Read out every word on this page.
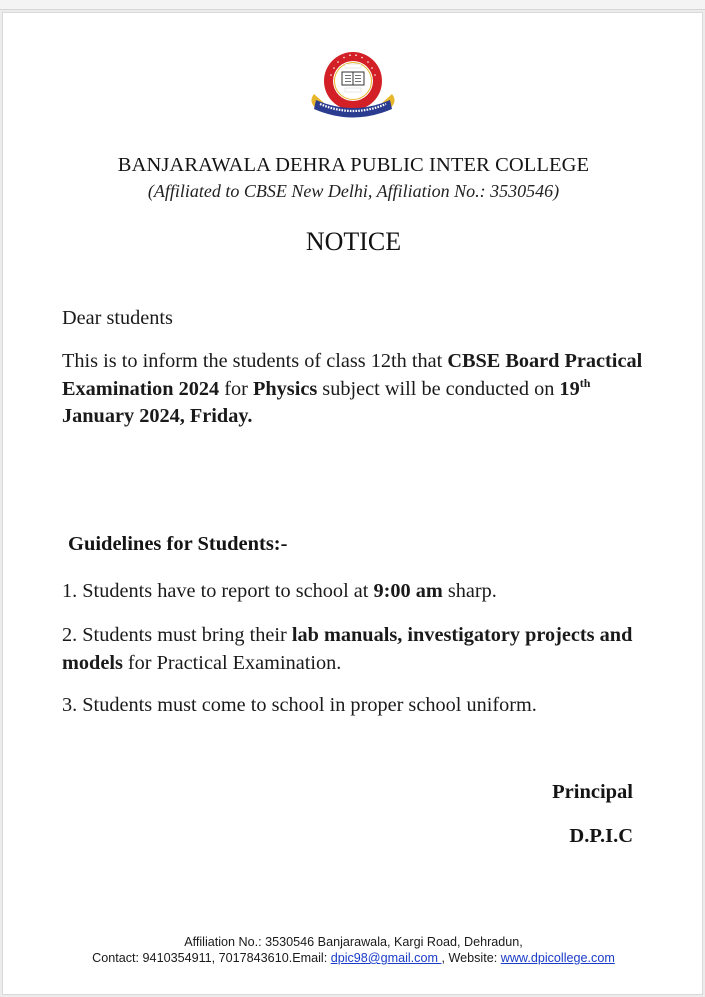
BANJARAWALA DEHRA PUBLIC INTER COLLEGE
(Affiliated to CBSE New Delhi, Affiliation No.: 3530546)
NOTICE
Dear students
This is to inform the students of class 12th that CBSE Board Practical Examination 2024 for Physics subject will be conducted on 19th January 2024, Friday.
Guidelines for Students:-
1. Students have to report to school at 9:00 am sharp.
2. Students must bring their lab manuals, investigatory projects and models for Practical Examination.
3. Students must come to school in proper school uniform.
Principal
D.P.I.C
Affiliation No.: 3530546 Banjarawala, Kargi Road, Dehradun,
Contact: 9410354911, 7017843610.Email: dpic98@gmail.com , Website: www.dpicollege.com
